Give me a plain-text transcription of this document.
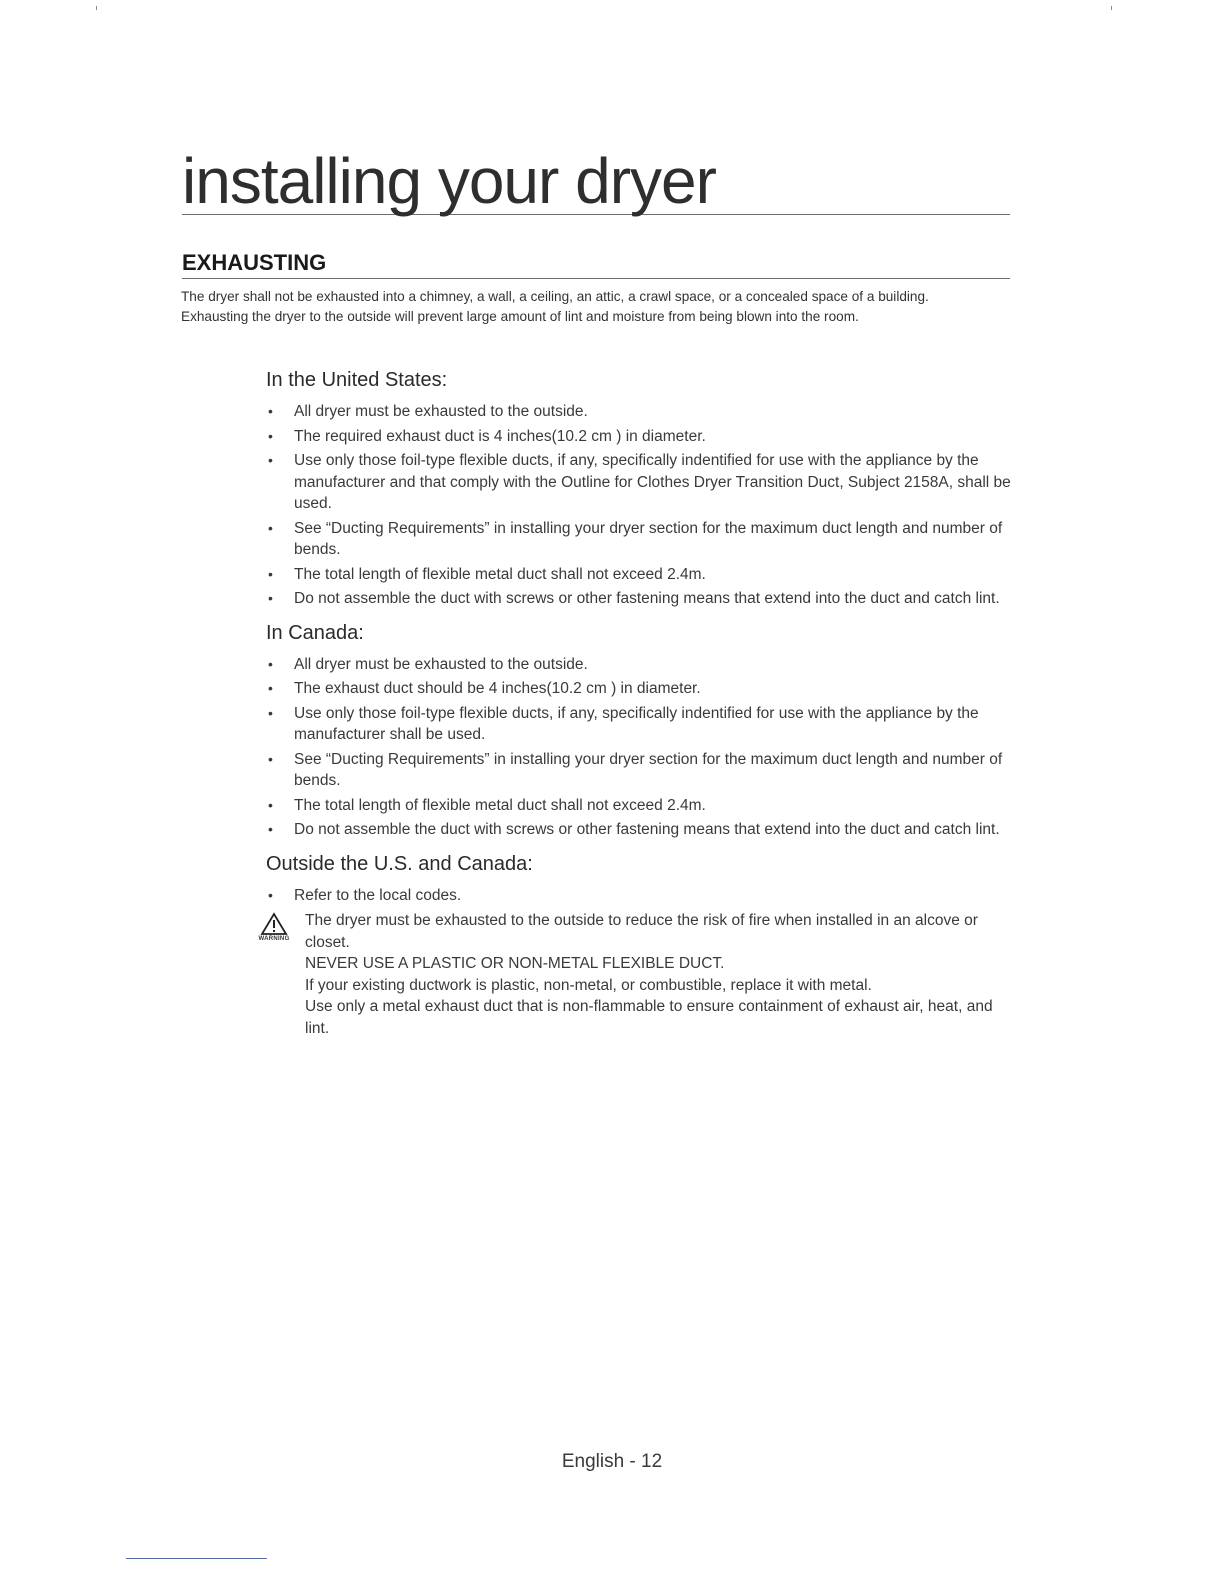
installing your dryer
EXHAUSTING

The dryer shall not be exhausted into a chimney, a wall, a ceiling, an attic, a crawl space, or a concealed space of a building.

Exhausting the dryer to the outside will prevent large amount of lint and moisture from being blown into the room.

In the United States:
• All dryer must be exhausted to the outside.
• The required exhaust duct is 4 inches(10.2 cm ) in diameter.
• Use only those foil-type flexible ducts, if any, specifically indentified for use with the appliance by the manufacturer and that comply with the Outline for Clothes Dryer Transition Duct, Subject 2158A, shall be used.
• See “Ducting Requirements” in installing your dryer section for the maximum duct length and number of bends.
• The total length of flexible metal duct shall not exceed 2.4m.
• Do not assemble the duct with screws or other fastening means that extend into the duct and catch lint.
In Canada:
• All dryer must be exhausted to the outside.
• The exhaust duct should be 4 inches(10.2 cm ) in diameter.
• Use only those foil-type flexible ducts, if any, specifically indentified for use with the appliance by the manufacturer shall be used.
• See “Ducting Requirements” in installing your dryer section for the maximum duct length and number of bends.
• The total length of flexible metal duct shall not exceed 2.4m.
• Do not assemble the duct with screws or other fastening means that extend into the duct and catch lint.
Outside the U.S. and Canada:
• Refer to the local codes.
WARNING

The dryer must be exhausted to the outside to reduce the risk of fire when installed in an alcove or closet.

NEVER USE A PLASTIC OR NON-METAL FLEXIBLE DUCT.

If your existing ductwork is plastic, non-metal, or combustible, replace it with metal.

Use only a metal exhaust duct that is non-flammable to ensure containment of exhaust air, heat, and lint.

English - 12
